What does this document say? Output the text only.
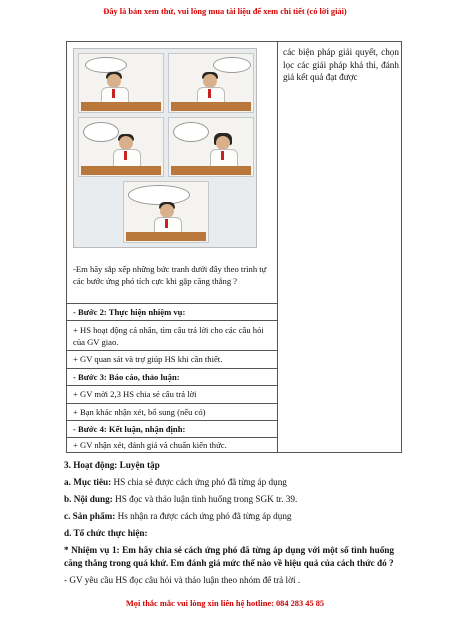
Đây là bản xem thử, vui lòng mua tài liệu để xem chi tiết (có lời giải)
-Em hãy sắp xếp những bức tranh dưới đây theo trình tự các bước ứng phó tích cực khi gặp căng thẳng ?
- Bước 2: Thực hiện nhiệm vụ:
+ HS hoạt động cá nhân, tìm câu trả lời cho các câu hỏi của GV giao.
+ GV quan sát và trợ giúp HS khi cần thiết.
- Bước 3: Báo cáo, thảo luận:
+ GV mời 2,3 HS chia sẻ câu trả lời
+ Bạn khác nhận xét, bổ sung (nếu có)
- Bước 4: Kết luận, nhận định:
+ GV nhận xét, đánh giá và chuẩn kiến thức.
các biện pháp giải quyết, chọn lọc các giải pháp khả thi, đánh giá kết quả đạt được

3. Hoạt động: Luyện tập

a. Mục tiêu: HS chia sẻ được cách ứng phó đã từng áp dụng

b. Nội dung: HS đọc và thảo luận tình huống trong SGK tr. 39.

c. Sản phẩm: Hs nhận ra được cách ứng phó đã từng áp dụng

d. Tổ chức thực hiện:

* Nhiệm vụ 1: Em hãy chia sẻ cách ứng phó đã từng áp dụng với một số tình huống căng thẳng trong quá khứ. Em đánh giá mức thế nào về hiệu quả của cách thức đó ?

- GV yêu cầu HS đọc câu hỏi và thảo luận theo nhóm để trả lời .

Mọi thắc mắc vui lòng xin liên hệ hotline: 084 283 45 85
